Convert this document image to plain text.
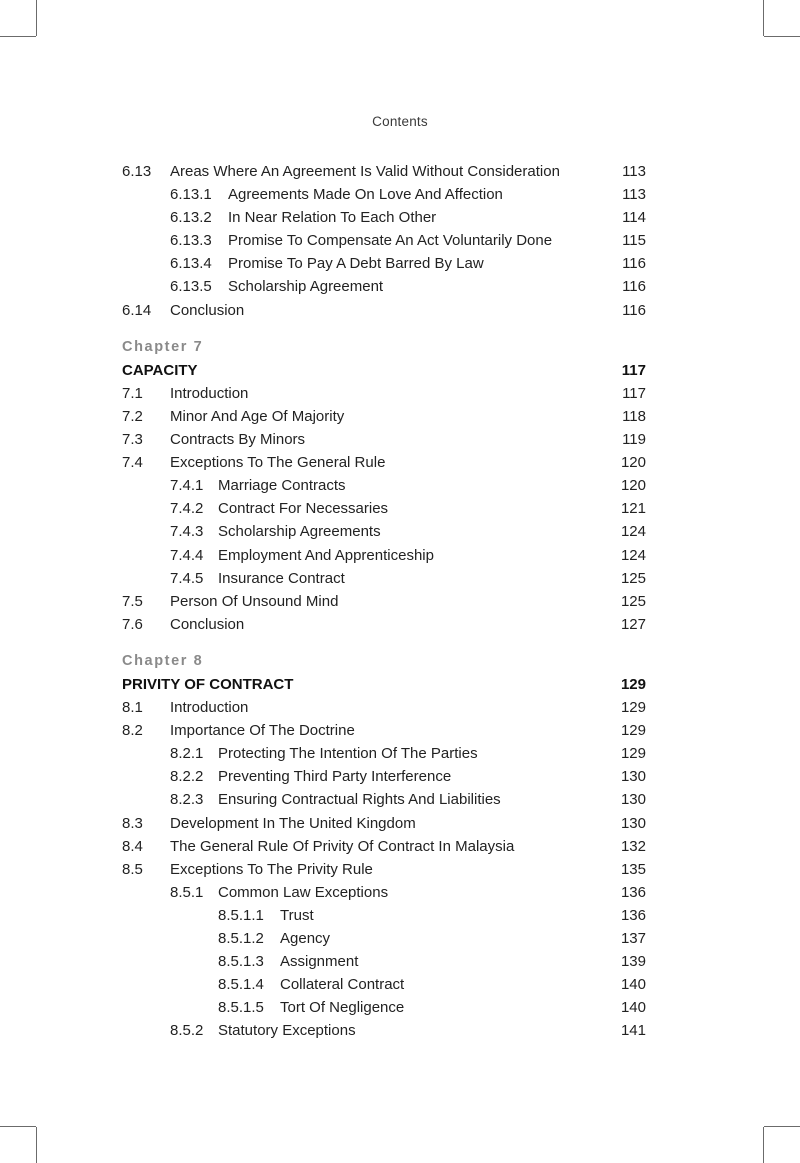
Contents
6.13 Areas Where An Agreement Is Valid Without Consideration	113
6.13.1 Agreements Made On Love And Affection	113
6.13.2 In Near Relation To Each Other	114
6.13.3 Promise To Compensate An Act Voluntarily Done	115
6.13.4 Promise To Pay A Debt Barred By Law	116
6.13.5 Scholarship Agreement	116
6.14 Conclusion	116
Chapter 7
CAPACITY	117
7.1 Introduction	117
7.2 Minor And Age Of Majority	118
7.3 Contracts By Minors	119
7.4 Exceptions To The General Rule	120
7.4.1 Marriage Contracts	120
7.4.2 Contract For Necessaries	121
7.4.3 Scholarship Agreements	124
7.4.4 Employment And Apprenticeship	124
7.4.5 Insurance Contract	125
7.5 Person Of Unsound Mind	125
7.6 Conclusion	127
Chapter 8
PRIVITY OF CONTRACT	129
8.1 Introduction	129
8.2 Importance Of The Doctrine	129
8.2.1 Protecting The Intention Of The Parties	129
8.2.2 Preventing Third Party Interference	130
8.2.3 Ensuring Contractual Rights And Liabilities	130
8.3 Development In The United Kingdom	130
8.4 The General Rule Of Privity Of Contract In Malaysia	132
8.5 Exceptions To The Privity Rule	135
8.5.1 Common Law Exceptions	136
8.5.1.1 Trust	136
8.5.1.2 Agency	137
8.5.1.3 Assignment	139
8.5.1.4 Collateral Contract	140
8.5.1.5 Tort Of Negligence	140
8.5.2 Statutory Exceptions	141
